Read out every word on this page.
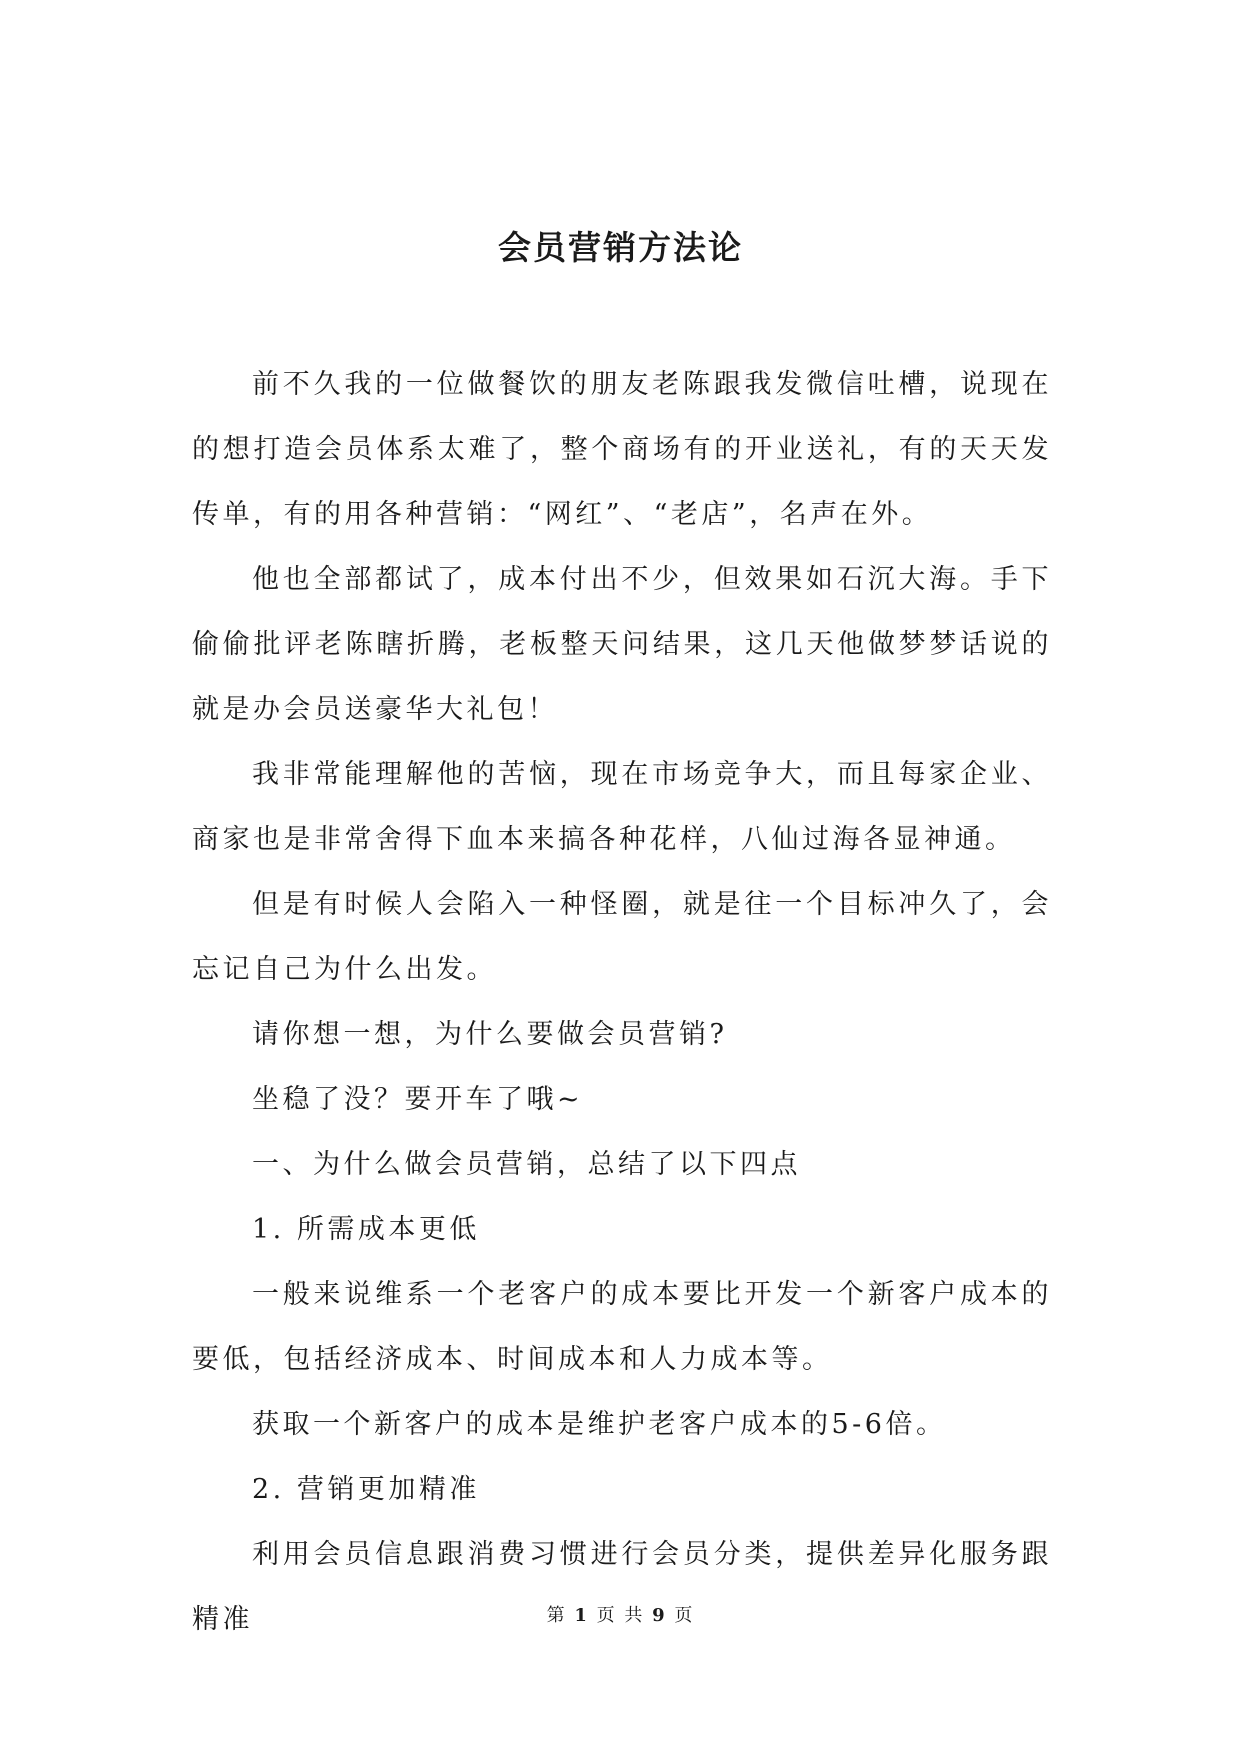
会员营销方法论

前不久我的一位做餐饮的朋友老陈跟我发微信吐槽，说现在的想打造会员体系太难了，整个商场有的开业送礼，有的天天发传单，有的用各种营销：“网红”、“老店”，名声在外。

他也全部都试了，成本付出不少，但效果如石沉大海。手下偷偷批评老陈瞎折腾，老板整天问结果，这几天他做梦梦话说的就是办会员送豪华大礼包！

我非常能理解他的苦恼，现在市场竞争大，而且每家企业、商家也是非常舍得下血本来搞各种花样，八仙过海各显神通。

但是有时候人会陷入一种怪圈，就是往一个目标冲久了，会忘记自己为什么出发。

请你想一想，为什么要做会员营销?

坐稳了没？要开车了哦~

一、为什么做会员营销，总结了以下四点

1. 所需成本更低

一般来说维系一个老客户的成本要比开发一个新客户成本的要低，包括经济成本、时间成本和人力成本等。

获取一个新客户的成本是维护老客户成本的5-6倍。

2. 营销更加精准

利用会员信息跟消费习惯进行会员分类，提供差异化服务跟精准	第 1 页 共 9 页
